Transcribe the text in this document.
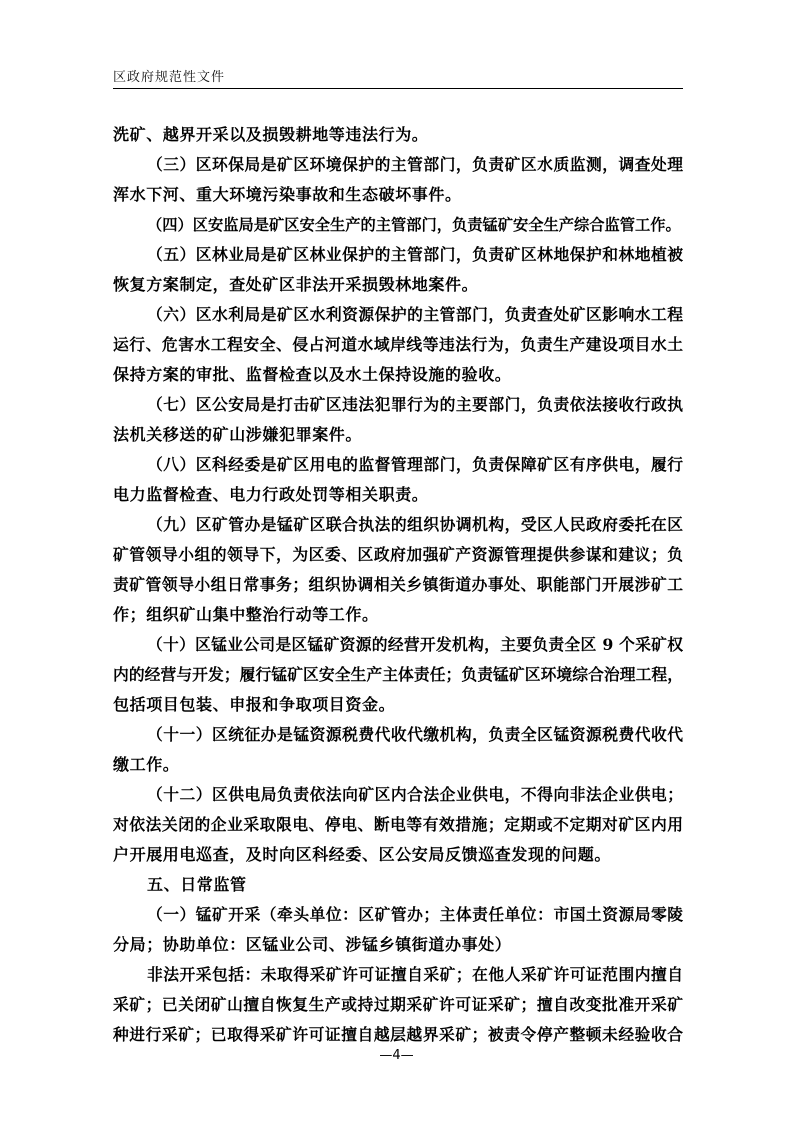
区政府规范性文件
洗矿、越界开采以及损毁耕地等违法行为。
（三）区环保局是矿区环境保护的主管部门，负责矿区水质监测，调查处理
浑水下河、重大环境污染事故和生态破坏事件。
（四）区安监局是矿区安全生产的主管部门，负责锰矿安全生产综合监管工作。
（五）区林业局是矿区林业保护的主管部门，负责矿区林地保护和林地植被
恢复方案制定，查处矿区非法开采损毁林地案件。
（六）区水利局是矿区水利资源保护的主管部门，负责查处矿区影响水工程
运行、危害水工程安全、侵占河道水域岸线等违法行为，负责生产建设项目水土
保持方案的审批、监督检查以及水土保持设施的验收。
（七）区公安局是打击矿区违法犯罪行为的主要部门，负责依法接收行政执
法机关移送的矿山涉嫌犯罪案件。
（八）区科经委是矿区用电的监督管理部门，负责保障矿区有序供电，履行
电力监督检查、电力行政处罚等相关职责。
（九）区矿管办是锰矿区联合执法的组织协调机构，受区人民政府委托在区
矿管领导小组的领导下，为区委、区政府加强矿产资源管理提供参谋和建议；负
责矿管领导小组日常事务；组织协调相关乡镇街道办事处、职能部门开展涉矿工
作；组织矿山集中整治行动等工作。
（十）区锰业公司是区锰矿资源的经营开发机构，主要负责全区 9 个采矿权
内的经营与开发；履行锰矿区安全生产主体责任；负责锰矿区环境综合治理工程，
包括项目包装、申报和争取项目资金。
（十一）区统征办是锰资源税费代收代缴机构，负责全区锰资源税费代收代
缴工作。
（十二）区供电局负责依法向矿区内合法企业供电，不得向非法企业供电；
对依法关闭的企业采取限电、停电、断电等有效措施；定期或不定期对矿区内用
户开展用电巡查，及时向区科经委、区公安局反馈巡查发现的问题。
五、日常监管
（一）锰矿开采（牵头单位：区矿管办；主体责任单位：市国土资源局零陵
分局；协助单位：区锰业公司、涉锰乡镇街道办事处）
非法开采包括：未取得采矿许可证擅自采矿；在他人采矿许可证范围内擅自
采矿；已关闭矿山擅自恢复生产或持过期采矿许可证采矿；擅自改变批准开采矿
种进行采矿；已取得采矿许可证擅自越层越界采矿；被责令停产整顿未经验收合
—4—
